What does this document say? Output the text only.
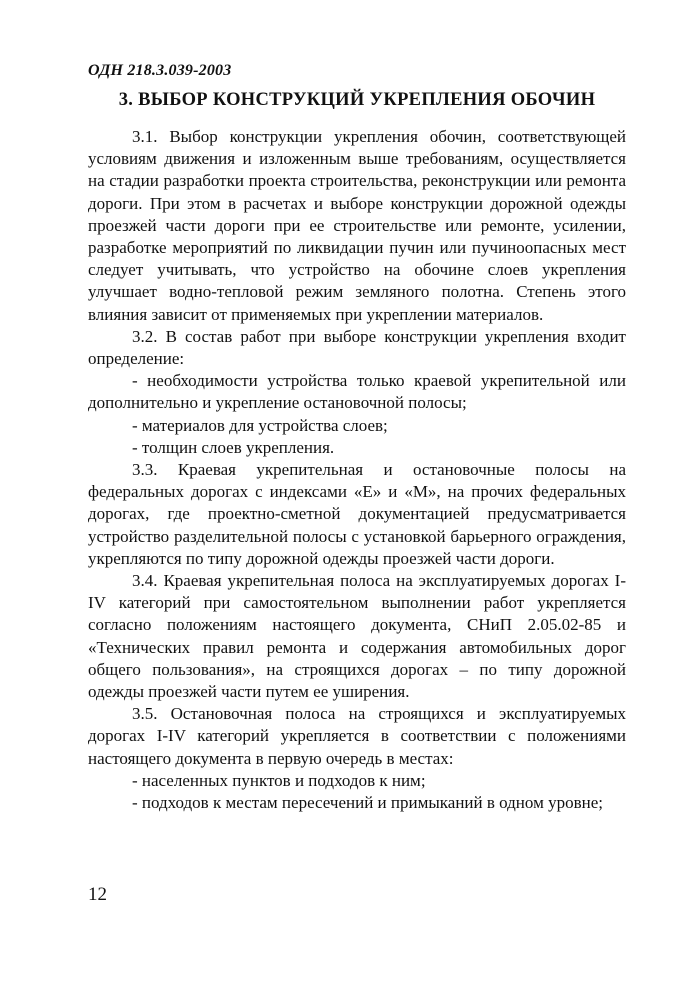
ОДН 218.3.039-2003
3. ВЫБОР КОНСТРУКЦИЙ УКРЕПЛЕНИЯ ОБОЧИН

3.1. Выбор конструкции укрепления обочин, соответствующей условиям движения и изложенным выше требованиям, осуществляется на стадии разработки проекта строительства, реконструкции или ремонта дороги. При этом в расчетах и выборе конструкции дорожной одежды проезжей части дороги при ее строительстве или ремонте, усилении, разработке мероприятий по ликвидации пучин или пучиноопасных мест следует учитывать, что устройство на обочине слоев укрепления улучшает водно-тепловой режим земляного полотна. Степень этого влияния зависит от применяемых при укреплении материалов.

3.2. В состав работ при выборе конструкции укрепления входит определение:

- необходимости устройства только краевой укрепительной или дополнительно и укрепление остановочной полосы;

- материалов для устройства слоев;

- толщин слоев укрепления.

3.3. Краевая укрепительная и остановочные полосы на федеральных дорогах с индексами «Е» и «М», на прочих федеральных дорогах, где проектно-сметной документацией предусматривается устройство разделительной полосы с установкой барьерного ограждения, укрепляются по типу дорожной одежды проезжей части дороги.

3.4. Краевая укрепительная полоса на эксплуатируемых дорогах I-IV категорий при самостоятельном выполнении работ укрепляется согласно положениям настоящего документа, СНиП 2.05.02-85 и «Технических правил ремонта и содержания автомобильных дорог общего пользования», на строящихся дорогах – по типу дорожной одежды проезжей части путем ее уширения.

3.5. Остановочная полоса на строящихся и эксплуатируемых дорогах I-IV категорий укрепляется в соответствии с положениями настоящего документа в первую очередь в местах:

- населенных пунктов и подходов к ним;

- подходов к местам пересечений и примыканий в одном уровне;

12
